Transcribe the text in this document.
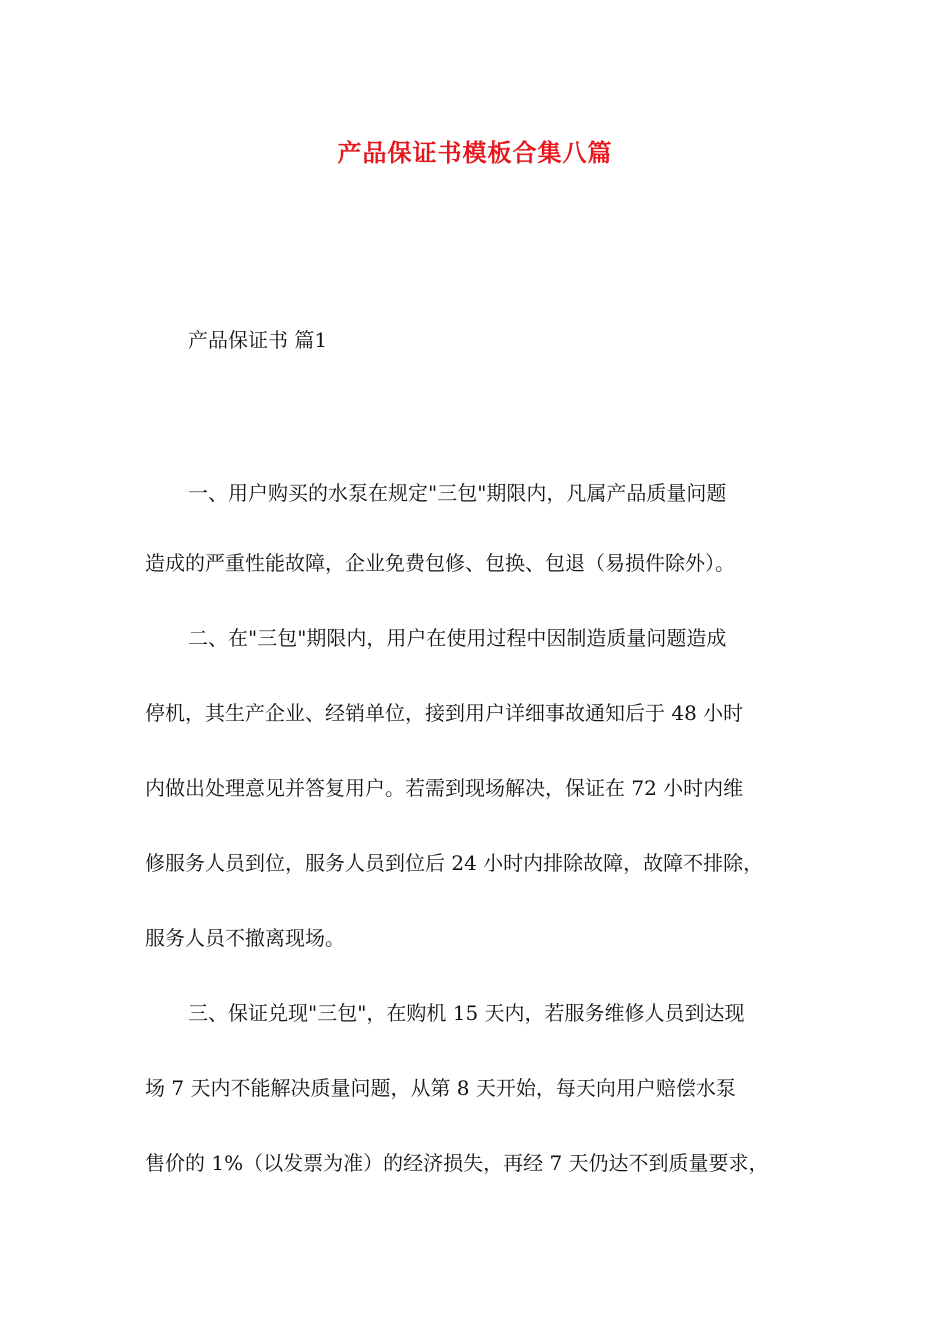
产品保证书模板合集八篇
产品保证书 篇1
一、用户购买的水泵在规定"三包"期限内，凡属产品质量问题
造成的严重性能故障，企业免费包修、包换、包退（易损件除外）。
二、在"三包"期限内，用户在使用过程中因制造质量问题造成
停机，其生产企业、经销单位，接到用户详细事故通知后于 48 小时
内做出处理意见并答复用户。若需到现场解决，保证在 72 小时内维
修服务人员到位，服务人员到位后 24 小时内排除故障，故障不排除，
服务人员不撤离现场。
三、保证兑现"三包"，在购机 15 天内，若服务维修人员到达现
场 7 天内不能解决质量问题，从第 8 天开始，每天向用户赔偿水泵
售价的 1%（以发票为准）的经济损失，再经 7 天仍达不到质量要求，
